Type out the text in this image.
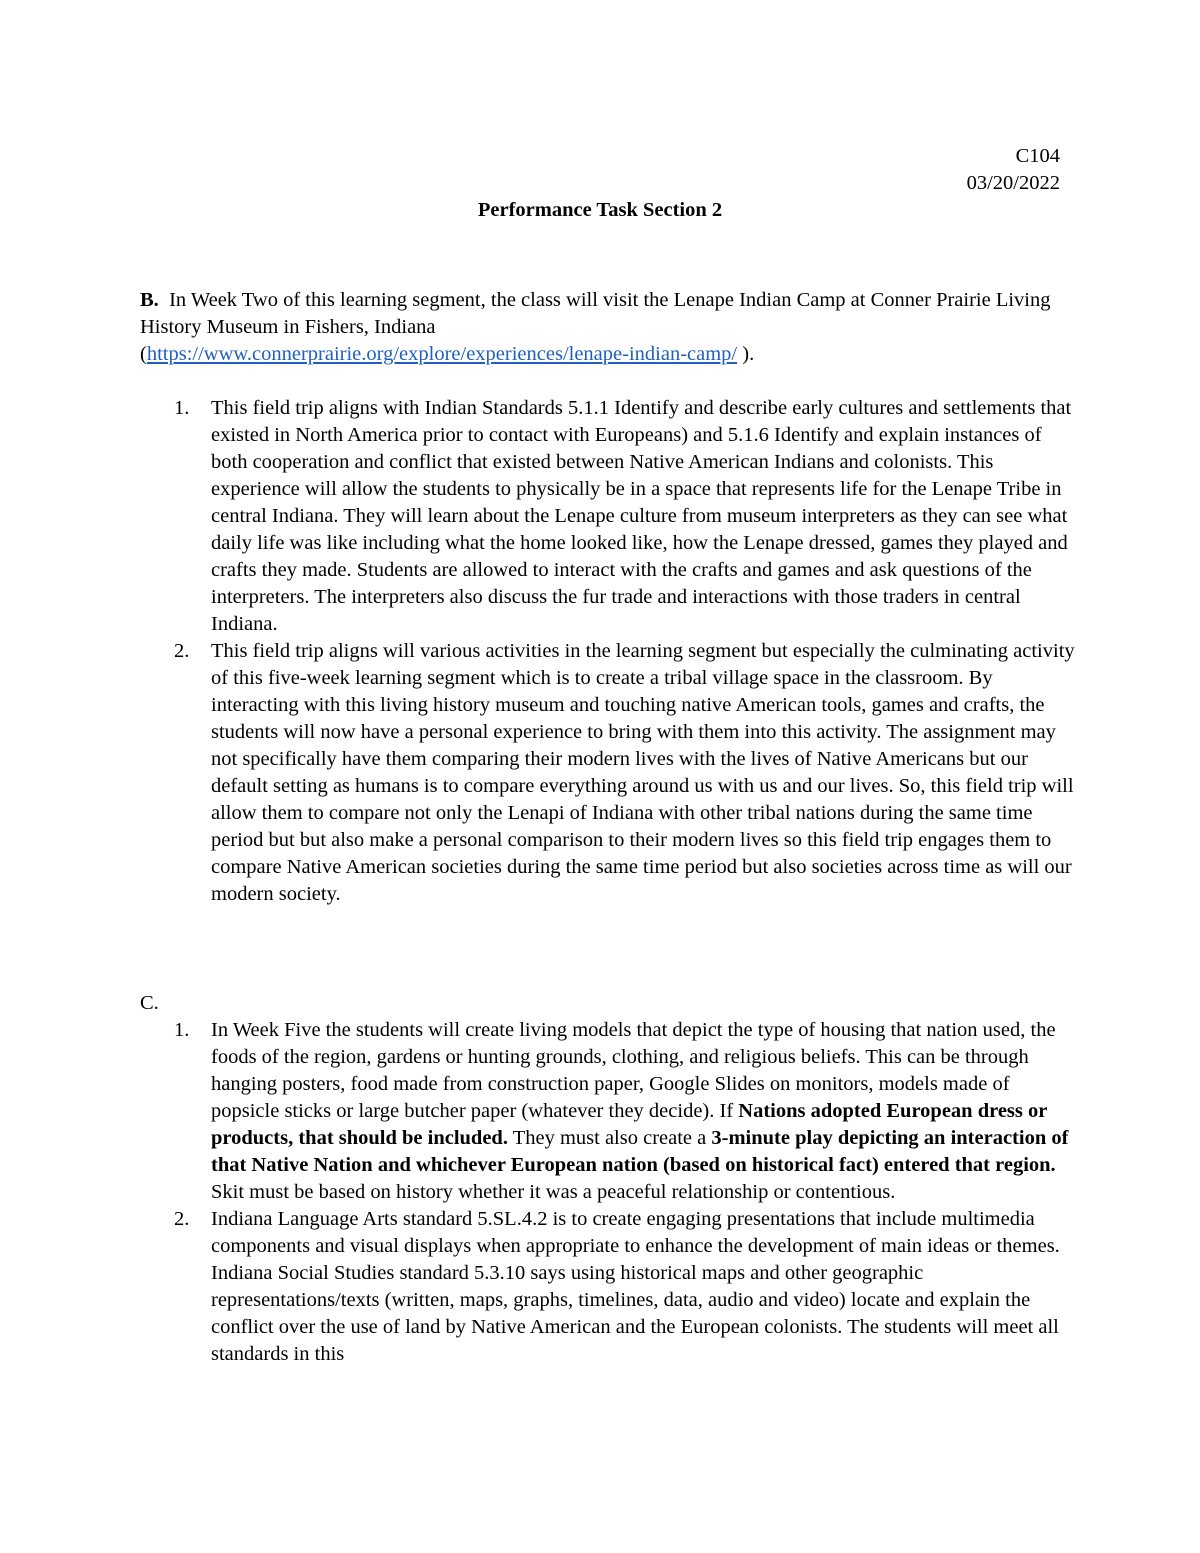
C104
03/20/2022
Performance Task Section 2
B. In Week Two of this learning segment, the class will visit the Lenape Indian Camp at Conner Prairie Living History Museum in Fishers, Indiana
(https://www.connerprairie.org/explore/experiences/lenape-indian-camp/ ).
1. This field trip aligns with Indian Standards 5.1.1 Identify and describe early cultures and settlements that existed in North America prior to contact with Europeans) and 5.1.6 Identify and explain instances of both cooperation and conflict that existed between Native American Indians and colonists. This experience will allow the students to physically be in a space that represents life for the Lenape Tribe in central Indiana. They will learn about the Lenape culture from museum interpreters as they can see what daily life was like including what the home looked like, how the Lenape dressed, games they played and crafts they made. Students are allowed to interact with the crafts and games and ask questions of the interpreters. The interpreters also discuss the fur trade and interactions with those traders in central Indiana.
2. This field trip aligns will various activities in the learning segment but especially the culminating activity of this five-week learning segment which is to create a tribal village space in the classroom. By interacting with this living history museum and touching native American tools, games and crafts, the students will now have a personal experience to bring with them into this activity. The assignment may not specifically have them comparing their modern lives with the lives of Native Americans but our default setting as humans is to compare everything around us with us and our lives. So, this field trip will allow them to compare not only the Lenapi of Indiana with other tribal nations during the same time period but but also make a personal comparison to their modern lives so this field trip engages them to compare Native American societies during the same time period but also societies across time as will our modern society.
C.
1. In Week Five the students will create living models that depict the type of housing that nation used, the foods of the region, gardens or hunting grounds, clothing, and religious beliefs. This can be through hanging posters, food made from construction paper, Google Slides on monitors, models made of popsicle sticks or large butcher paper (whatever they decide). If Nations adopted European dress or products, that should be included. They must also create a 3-minute play depicting an interaction of that Native Nation and whichever European nation (based on historical fact) entered that region. Skit must be based on history whether it was a peaceful relationship or contentious.
2. Indiana Language Arts standard 5.SL.4.2 is to create engaging presentations that include multimedia components and visual displays when appropriate to enhance the development of main ideas or themes. Indiana Social Studies standard 5.3.10 says using historical maps and other geographic representations/texts (written, maps, graphs, timelines, data, audio and video) locate and explain the conflict over the use of land by Native American and the European colonists. The students will meet all standards in this
